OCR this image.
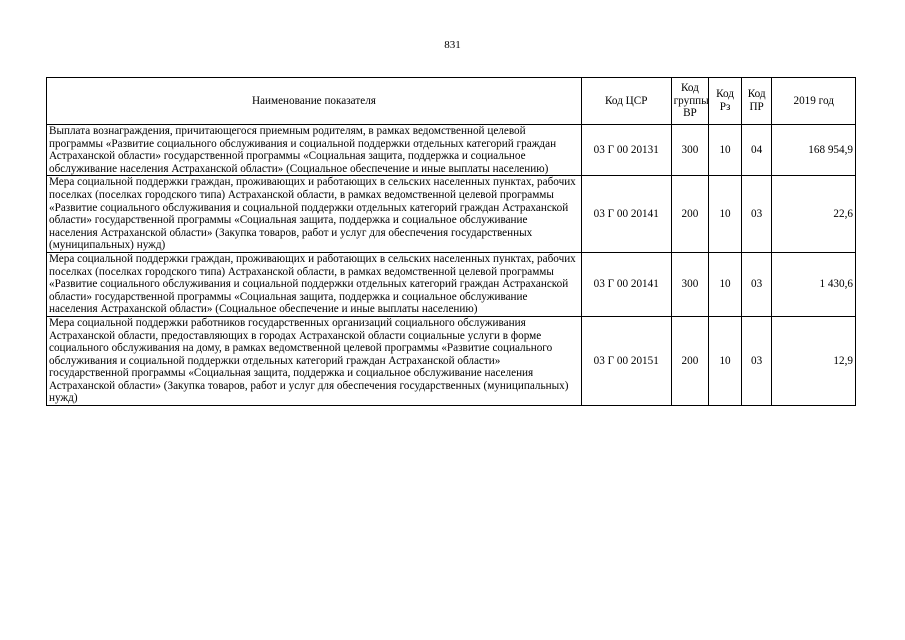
831
Наименование показателя	Код ЦСР	Код группы ВР	Код Рз	Код ПР	2019 год
Выплата вознаграждения, причитающегося приемным родителям, в рамках ведомственной целевой программы «Развитие социального обслуживания и социальной поддержки отдельных категорий граждан Астраханской области» государственной программы «Социальная защита, поддержка и социальное обслуживание населения Астраханской области» (Социальное обеспечение и иные выплаты населению)	03 Г 00 20131	300	10	04	168 954,9
Мера социальной поддержки граждан, проживающих и работающих в сельских населенных пунктах, рабочих поселках (поселках городского типа) Астраханской области, в рамках ведомственной целевой программы «Развитие социального обслуживания и социальной поддержки отдельных категорий граждан Астраханской области» государственной программы «Социальная защита, поддержка и социальное обслуживание населения Астраханской области» (Закупка товаров, работ и услуг для обеспечения государственных (муниципальных) нужд)	03 Г 00 20141	200	10	03	22,6
Мера социальной поддержки граждан, проживающих и работающих в сельских населенных пунктах, рабочих поселках (поселках городского типа) Астраханской области, в рамках ведомственной целевой программы «Развитие социального обслуживания и социальной поддержки отдельных категорий граждан Астраханской области» государственной программы «Социальная защита, поддержка и социальное обслуживание населения Астраханской области» (Социальное обеспечение и иные выплаты населению)	03 Г 00 20141	300	10	03	1 430,6
Мера социальной поддержки работников государственных организаций социального обслуживания Астраханской области, предоставляющих в городах Астраханской области социальные услуги в форме социального обслуживания на дому, в рамках ведомственной целевой программы «Развитие социального обслуживания и социальной поддержки отдельных категорий граждан Астраханской области» государственной программы «Социальная защита, поддержка и социальное обслуживание населения Астраханской области» (Закупка товаров, работ и услуг для обеспечения государственных (муниципальных) нужд)	03 Г 00 20151	200	10	03	12,9
